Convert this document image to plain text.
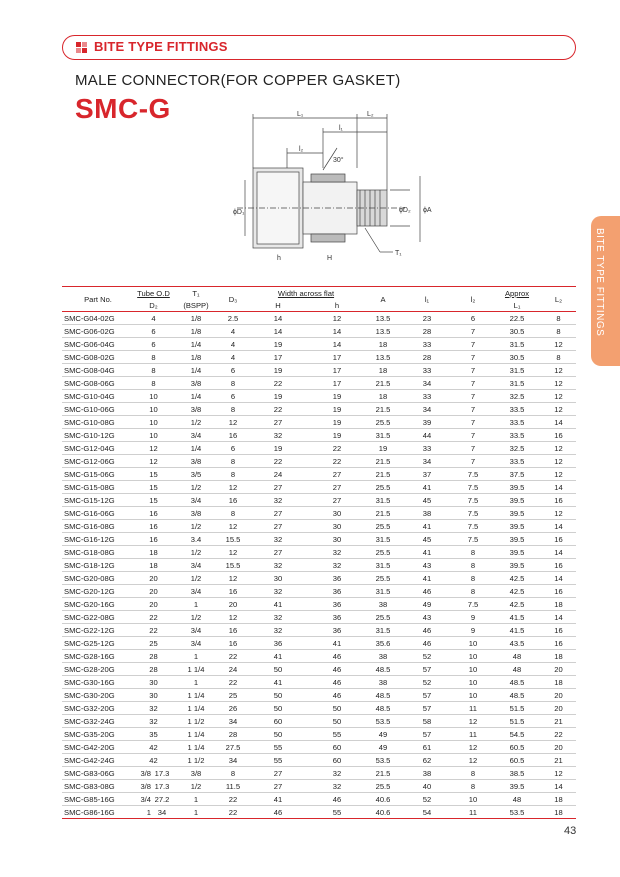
BITE TYPE FITTINGS
MALE CONNECTOR(FOR COPPER GASKET)
SMC-G	L₁	L₂
l₁
l₂
30°
ϕD₁	ϕD₂ ϕA
h	H
T₁	BITE TYPE FITTINGS
Part No.	Tube O.D		T₁	D₃	Width across flat		A	l₁	l₂	Approx	L₂
	D₂		(BSPP)		H	h				L₁	
SMC-G04-02G	4		1/8	2.5	14	12	13.5	23	6	22.5	8
SMC-G06-02G	6		1/8	4	14	14	13.5	28	7	30.5	8
SMC-G06-04G	6		1/4	4	19	14	18	33	7	31.5	12
SMC-G08-02G	8		1/8	4	17	17	13.5	28	7	30.5	8
SMC-G08-04G	8		1/4	6	19	17	18	33	7	31.5	12
SMC-G08-06G	8		3/8	8	22	17	21.5	34	7	31.5	12
SMC-G10-04G	10		1/4	6	19	19	18	33	7	32.5	12
SMC-G10-06G	10		3/8	8	22	19	21.5	34	7	33.5	12
SMC-G10-08G	10		1/2	12	27	19	25.5	39	7	33.5	14
SMC-G10-12G	10		3/4	16	32	19	31.5	44	7	33.5	16
SMC-G12-04G	12		1/4	6	19	22	19	33	7	32.5	12
SMC-G12-06G	12		3/8	8	22	22	21.5	34	7	33.5	12
SMC-G15-06G	15		3/5	8	24	27	21.5	37	7.5	37.5	12
SMC-G15-08G	15		1/2	12	27	27	25.5	41	7.5	39.5	14
SMC-G15-12G	15		3/4	16	32	27	31.5	45	7.5	39.5	16
SMC-G16-06G	16		3/8	8	27	30	21.5	38	7.5	39.5	12
SMC-G16-08G	16		1/2	12	27	30	25.5	41	7.5	39.5	14
SMC-G16-12G	16		3.4	15.5	32	30	31.5	45	7.5	39.5	16
SMC-G18-08G	18		1/2	12	27	32	25.5	41	8	39.5	14
SMC-G18-12G	18		3/4	15.5	32	32	31.5	43	8	39.5	16
SMC-G20-08G	20		1/2	12	30	36	25.5	41	8	42.5	14
SMC-G20-12G	20		3/4	16	32	36	31.5	46	8	42.5	16
SMC-G20-16G	20		1	20	41	36	38	49	7.5	42.5	18
SMC-G22-08G	22		1/2	12	32	36	25.5	43	9	41.5	14
SMC-G22-12G	22		3/4	16	32	36	31.5	46	9	41.5	16
SMC-G25-12G	25		3/4	16	36	41	35.6	46	10	43.5	16
SMC-G28-16G	28		1	22	41	46	38	52	10	48	18
SMC-G28-20G	28		1 1/4	24	50	46	48.5	57	10	48	20
SMC-G30-16G	30		1	22	41	46	38	52	10	48.5	18
SMC-G30-20G	30		1 1/4	25	50	46	48.5	57	10	48.5	20
SMC-G32-20G	32		1 1/4	26	50	50	48.5	57	11	51.5	20
SMC-G32-24G	32		1 1/2	34	60	50	53.5	58	12	51.5	21
SMC-G35-20G	35		1 1/4	28	50	55	49	57	11	54.5	22
SMC-G42-20G	42		1 1/4	27.5	55	60	49	61	12	60.5	20
SMC-G42-24G	42		1 1/2	34	55	60	53.5	62	12	60.5	21
SMC-G83-06G	3/8	17.3	3/8	8	27	32	21.5	38	8	38.5	12
SMC-G83-08G	3/8	17.3	1/2	11.5	27	32	25.5	40	8	39.5	14
SMC-G85-16G	3/4	27.2	1	22	41	46	40.6	52	10	48	18
SMC-G86-16G	1	34	1	22	46	55	40.6	54	11	53.5	18
43
